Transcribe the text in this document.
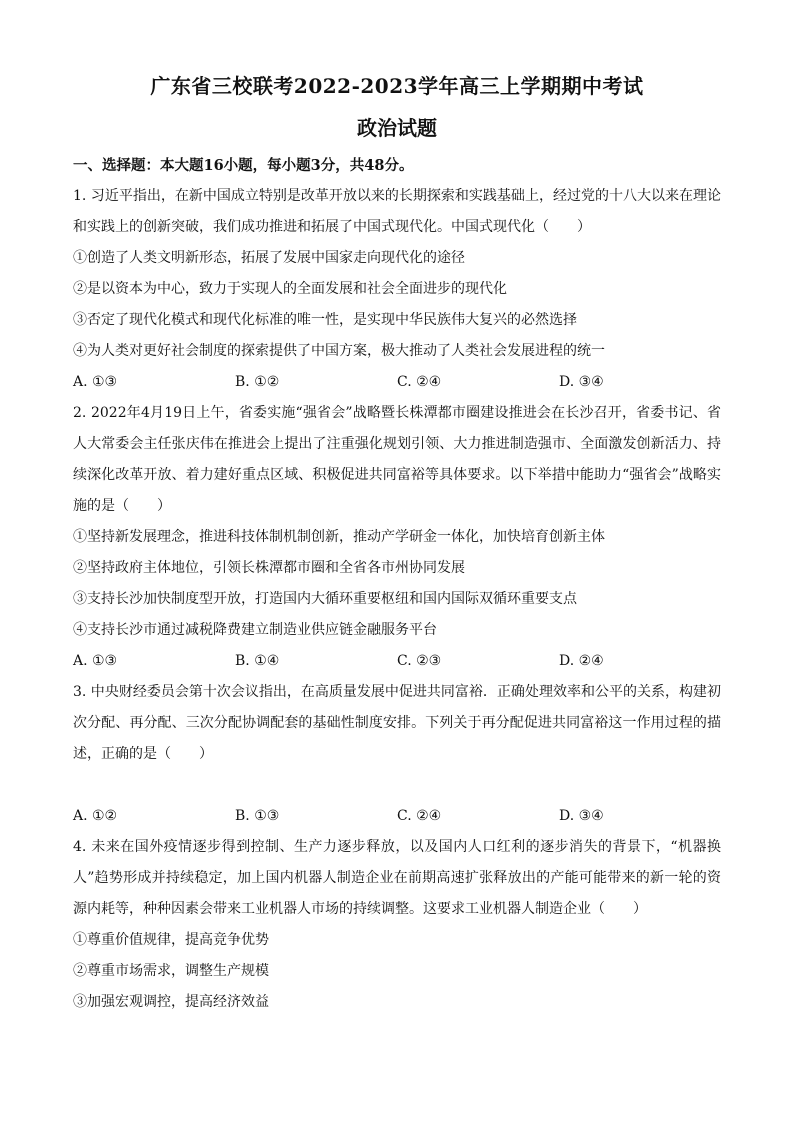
广东省三校联考2022-2023学年高三上学期期中考试
政治试题

一、选择题：本大题16小题，每小题3分，共48分。

1. 习近平指出，在新中国成立特别是改革开放以来的长期探索和实践基础上，经过党的十八大以来在理论和实践上的创新突破，我们成功推进和拓展了中国式现代化。中国式现代化（　　）

①创造了人类文明新形态，拓展了发展中国家走向现代化的途径

②是以资本为中心，致力于实现人的全面发展和社会全面进步的现代化

③否定了现代化模式和现代化标准的唯一性，是实现中华民族伟大复兴的必然选择

④为人类对更好社会制度的探索提供了中国方案，极大推动了人类社会发展进程的统一

A. ①③	B. ①②	C. ②④	D. ③④

2. 2022年4月19日上午，省委实施“强省会”战略暨长株潭都市圈建设推进会在长沙召开，省委书记、省人大常委会主任张庆伟在推进会上提出了注重强化规划引领、大力推进制造强市、全面激发创新活力、持续深化改革开放、着力建好重点区域、积极促进共同富裕等具体要求。以下举措中能助力“强省会”战略实施的是（　　）

①坚持新发展理念，推进科技体制机制创新，推动产学研金一体化，加快培育创新主体

②坚持政府主体地位，引领长株潭都市圈和全省各市州协同发展

③支持长沙加快制度型开放，打造国内大循环重要枢纽和国内国际双循环重要支点

④支持长沙市通过减税降费建立制造业供应链金融服务平台

A. ①③	B. ①④	C. ②③	D. ②④

3. 中央财经委员会第十次会议指出，在高质量发展中促进共同富裕．正确处理效率和公平的关系，构建初次分配、再分配、三次分配协调配套的基础性制度安排。下列关于再分配促进共同富裕这一作用过程的描述，正确的是（　　）

A. ①②	B. ①③	C. ②④	D. ③④

4. 未来在国外疫情逐步得到控制、生产力逐步释放，以及国内人口红利的逐步消失的背景下，“机器换人”趋势形成并持续稳定，加上国内机器人制造企业在前期高速扩张释放出的产能可能带来的新一轮的资源内耗等，种种因素会带来工业机器人市场的持续调整。这要求工业机器人制造企业（　　）

①尊重价值规律，提高竞争优势

②尊重市场需求，调整生产规模

③加强宏观调控，提高经济效益
